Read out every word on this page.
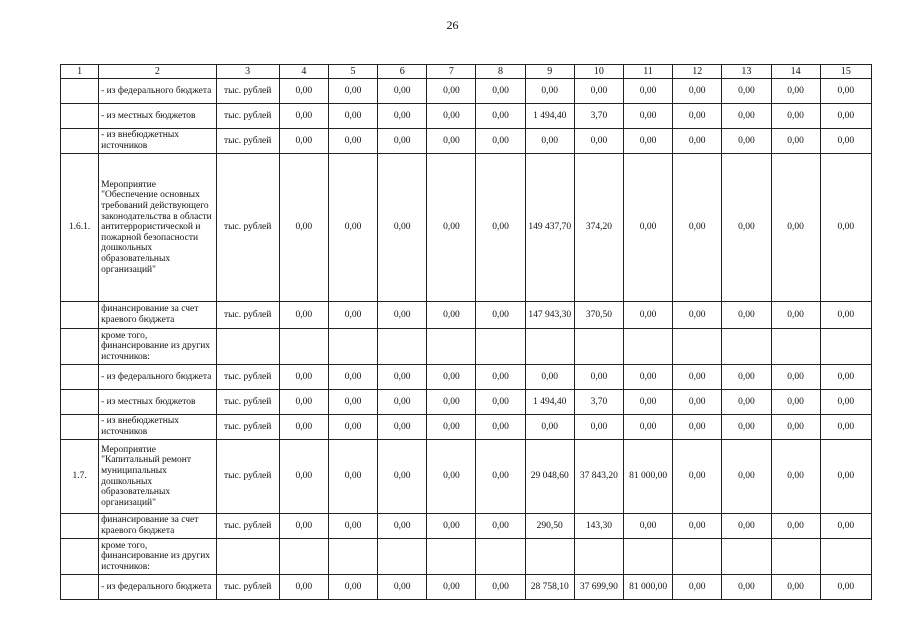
26
1	2	3	4	5	6	7	8	9	10	11	12	13	14	15
	- из федерального бюджета	тыс. рублей	0,00	0,00	0,00	0,00	0,00	0,00	0,00	0,00	0,00	0,00	0,00	0,00
	- из местных бюджетов	тыс. рублей	0,00	0,00	0,00	0,00	0,00	1 494,40	3,70	0,00	0,00	0,00	0,00	0,00
	- из внебюджетных источников	тыс. рублей	0,00	0,00	0,00	0,00	0,00	0,00	0,00	0,00	0,00	0,00	0,00	0,00
1.6.1.	Мероприятие "Обеспечение основных требований действующего законодательства в области антитеррористической и пожарной безопасности дошкольных образовательных организаций"	тыс. рублей	0,00	0,00	0,00	0,00	0,00	149 437,70	374,20	0,00	0,00	0,00	0,00	0,00
	финансирование за счет краевого бюджета	тыс. рублей	0,00	0,00	0,00	0,00	0,00	147 943,30	370,50	0,00	0,00	0,00	0,00	0,00
	кроме того, финансирование из других источников:													
	- из федерального бюджета	тыс. рублей	0,00	0,00	0,00	0,00	0,00	0,00	0,00	0,00	0,00	0,00	0,00	0,00
	- из местных бюджетов	тыс. рублей	0,00	0,00	0,00	0,00	0,00	1 494,40	3,70	0,00	0,00	0,00	0,00	0,00
	- из внебюджетных источников	тыс. рублей	0,00	0,00	0,00	0,00	0,00	0,00	0,00	0,00	0,00	0,00	0,00	0,00
1.7.	Мероприятие "Капитальный ремонт муниципальных дошкольных образовательных организаций"	тыс. рублей	0,00	0,00	0,00	0,00	0,00	29 048,60	37 843,20	81 000,00	0,00	0,00	0,00	0,00
	финансирование за счет краевого бюджета	тыс. рублей	0,00	0,00	0,00	0,00	0,00	290,50	143,30	0,00	0,00	0,00	0,00	0,00
	кроме того, финансирование из других источников:													
	- из федерального бюджета	тыс. рублей	0,00	0,00	0,00	0,00	0,00	28 758,10	37 699,90	81 000,00	0,00	0,00	0,00	0,00
